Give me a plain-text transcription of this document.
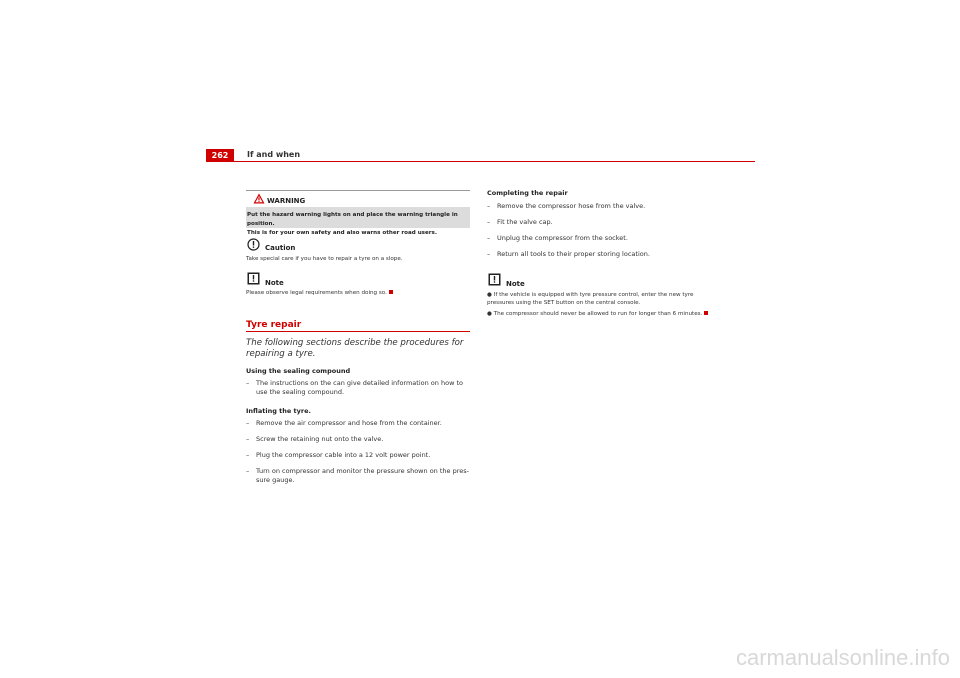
262	If and when
WARNING
Put the hazard warning lights on and place the warning triangle in position.
This is for your own safety and also warns other road users.
Caution
Take special care if you have to repair a tyre on a slope.
Note
Please observe legal requirements when doing so.
Tyre repair
The following sections describe the procedures for repairing a tyre.
Using the sealing compound
–	The instructions on the can give detailed information on how to use the sealing compound.
Inflating the tyre.
–	Remove the air compressor and hose from the container.
–	Screw the retaining nut onto the valve.
–	Plug the compressor cable into a 12 volt power point.
–	Turn on compressor and monitor the pressure shown on the pres-sure gauge.
Completing the repair
–	Remove the compressor hose from the valve.
–	Fit the valve cap.
–	Unplug the compressor from the socket.
–	Return all tools to their proper storing location.
Note
● If the vehicle is equipped with tyre pressure control, enter the new tyre pressures using the SET button on the central console.
● The compressor should never be allowed to run for longer than 6 minutes.
carmanualsonline.info
